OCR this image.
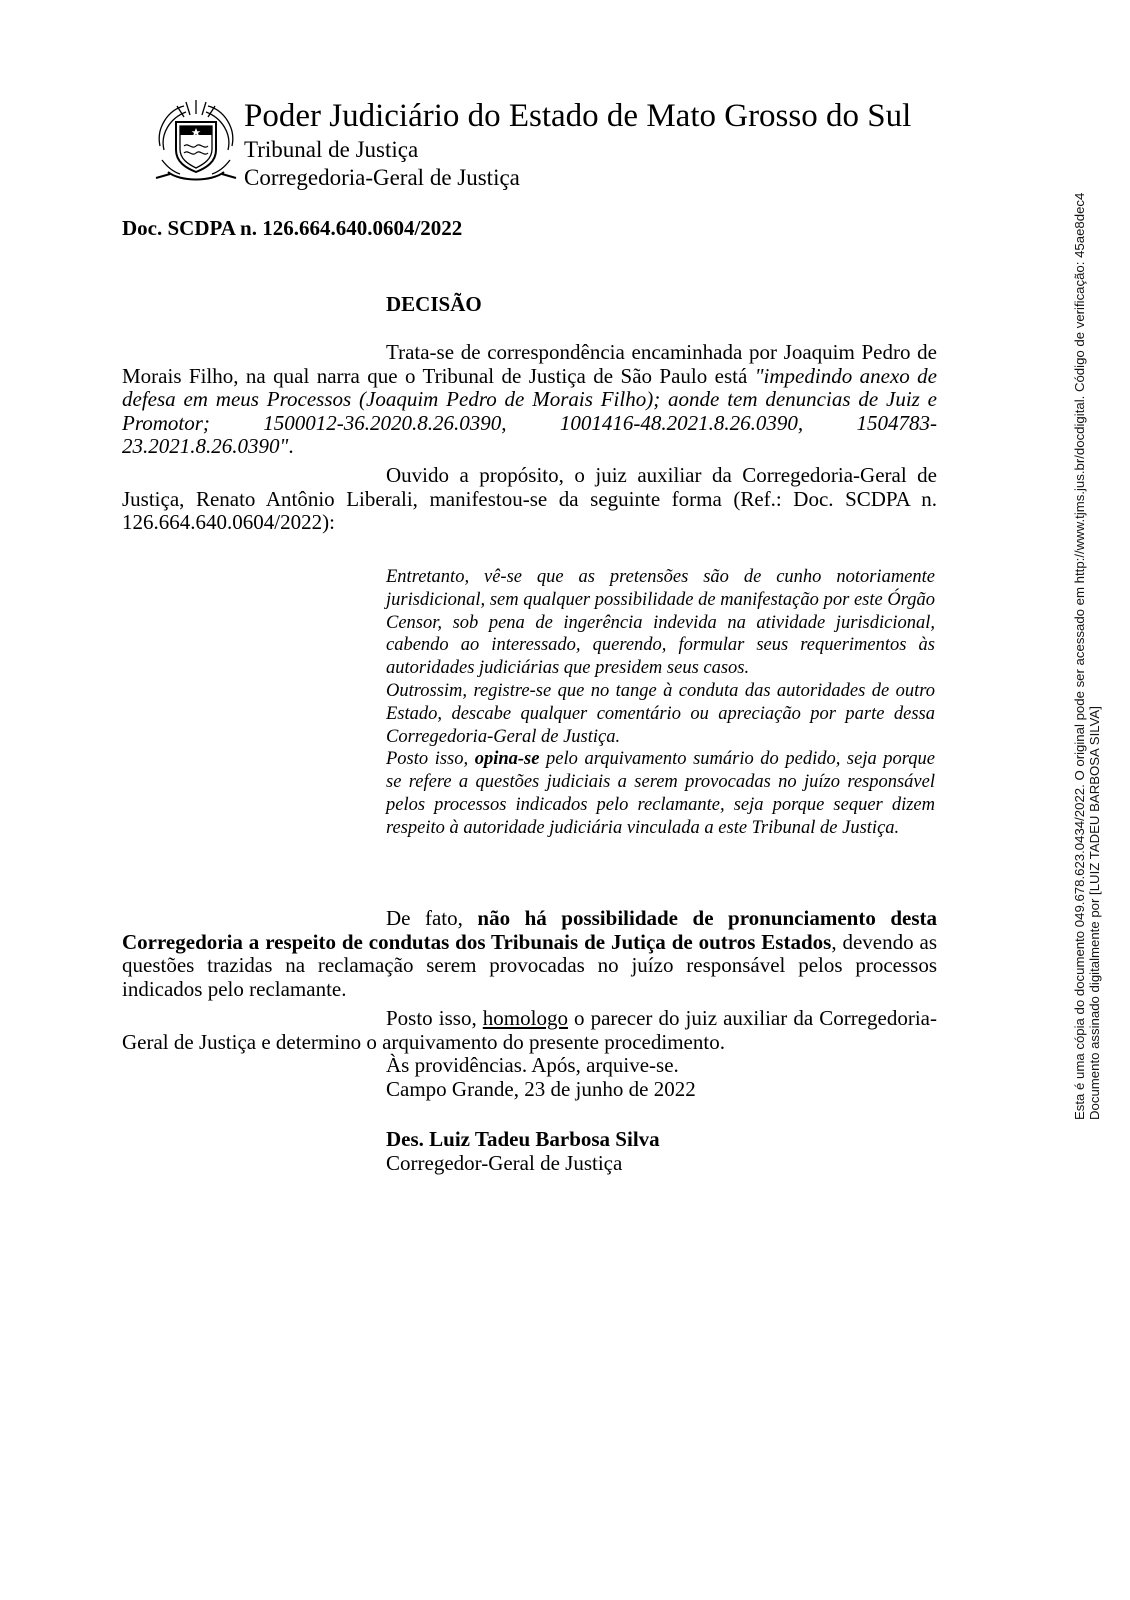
Poder Judiciário do Estado de Mato Grosso do Sul
Tribunal de Justiça
Corregedoria-Geral de Justiça
Doc. SCDPA n. 126.664.640.0604/2022
DECISÃO

Trata-se de correspondência encaminhada por Joaquim Pedro de Morais Filho, na qual narra que o Tribunal de Justiça de São Paulo está "impedindo anexo de defesa em meus Processos (Joaquim Pedro de Morais Filho); aonde tem denuncias de Juiz e Promotor; 1500012-36.2020.8.26.0390, 1001416-48.2021.8.26.0390, 1504783-23.2021.8.26.0390".

Ouvido a propósito, o juiz auxiliar da Corregedoria-Geral de Justiça, Renato Antônio Liberali, manifestou-se da seguinte forma (Ref.: Doc. SCDPA n. 126.664.640.0604/2022):

Entretanto, vê-se que as pretensões são de cunho notoriamente jurisdicional, sem qualquer possibilidade de manifestação por este Órgão Censor, sob pena de ingerência indevida na atividade jurisdicional, cabendo ao interessado, querendo, formular seus requerimentos às autoridades judiciárias que presidem seus casos.

Outrossim, registre-se que no tange à conduta das autoridades de outro Estado, descabe qualquer comentário ou apreciação por parte dessa Corregedoria-Geral de Justiça.

Posto isso, opina-se pelo arquivamento sumário do pedido, seja porque se refere a questões judiciais a serem provocadas no juízo responsável pelos processos indicados pelo reclamante, seja porque sequer dizem respeito à autoridade judiciária vinculada a este Tribunal de Justiça.

De fato, não há possibilidade de pronunciamento desta Corregedoria a respeito de condutas dos Tribunais de Jutiça de outros Estados, devendo as questões trazidas na reclamação serem provocadas no juízo responsável pelos processos indicados pelo reclamante.

Posto isso, homologo o parecer do juiz auxiliar da Corregedoria-Geral de Justiça e determino o arquivamento do presente procedimento.

Às providências. Após, arquive-se.
Campo Grande, 23 de junho de 2022
Des. Luiz Tadeu Barbosa Silva
Corregedor-Geral de Justiça
Esta é uma cópia do documento 049.678.623.0434/2022. O original pode ser acessado em http://www.tjms.jus.br/docdigital. Código de verificação: 45ae8dec4 Documento assinado digitalmente por [LUIZ TADEU BARBOSA SILVA]
